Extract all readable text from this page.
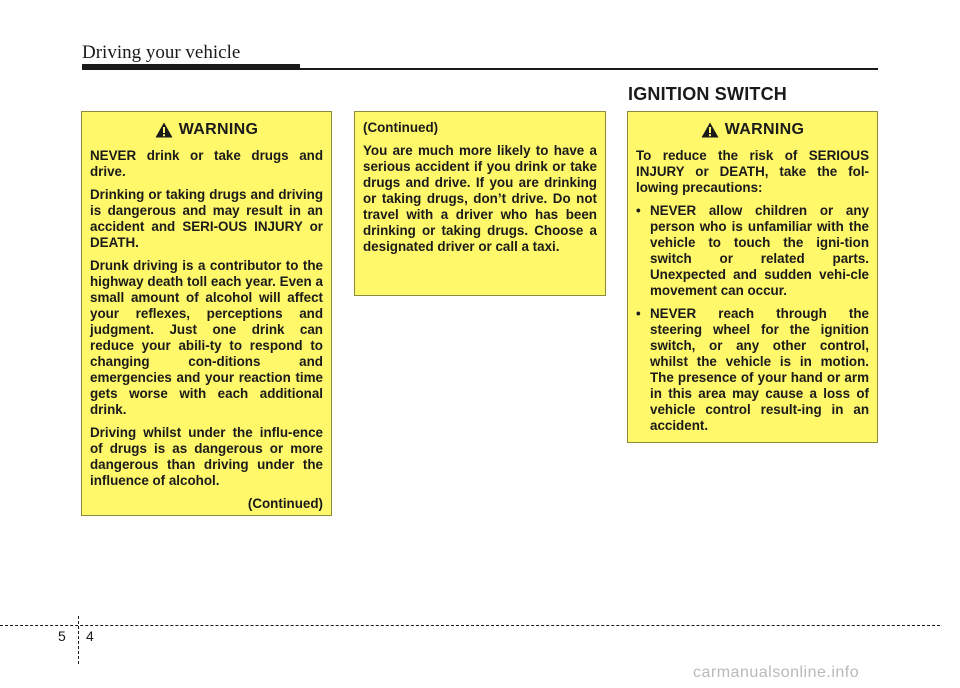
Driving your vehicle
IGNITION SWITCH
WARNING

NEVER drink or take drugs and drive.

Drinking or taking drugs and driving is dangerous and may result in an accident and SERI-OUS INJURY or DEATH.

Drunk driving is a contributor to the highway death toll each year. Even a small amount of alcohol will affect your reflexes, perceptions and judgment. Just one drink can reduce your abili-ty to respond to changing con-ditions and emergencies and your reaction time gets worse with each additional drink.

Driving whilst under the influ-ence of drugs is as dangerous or more dangerous than driving under the influence of alcohol.

(Continued)

(Continued)

You are much more likely to have a serious accident if you drink or take drugs and drive. If you are drinking or taking drugs, don’t drive. Do not travel with a driver who has been drinking or taking drugs. Choose a designated driver or call a taxi.

WARNING

To reduce the risk of SERIOUS INJURY or DEATH, take the fol-lowing precautions:

• NEVER allow children or any person who is unfamiliar with the vehicle to touch the igni-tion switch or related parts. Unexpected and sudden vehi-cle movement can occur.
• NEVER reach through the steering wheel for the ignition switch, or any other control, whilst the vehicle is in motion. The presence of your hand or arm in this area may cause a loss of vehicle control result-ing in an accident.
5 4
carmanualsonline.info
